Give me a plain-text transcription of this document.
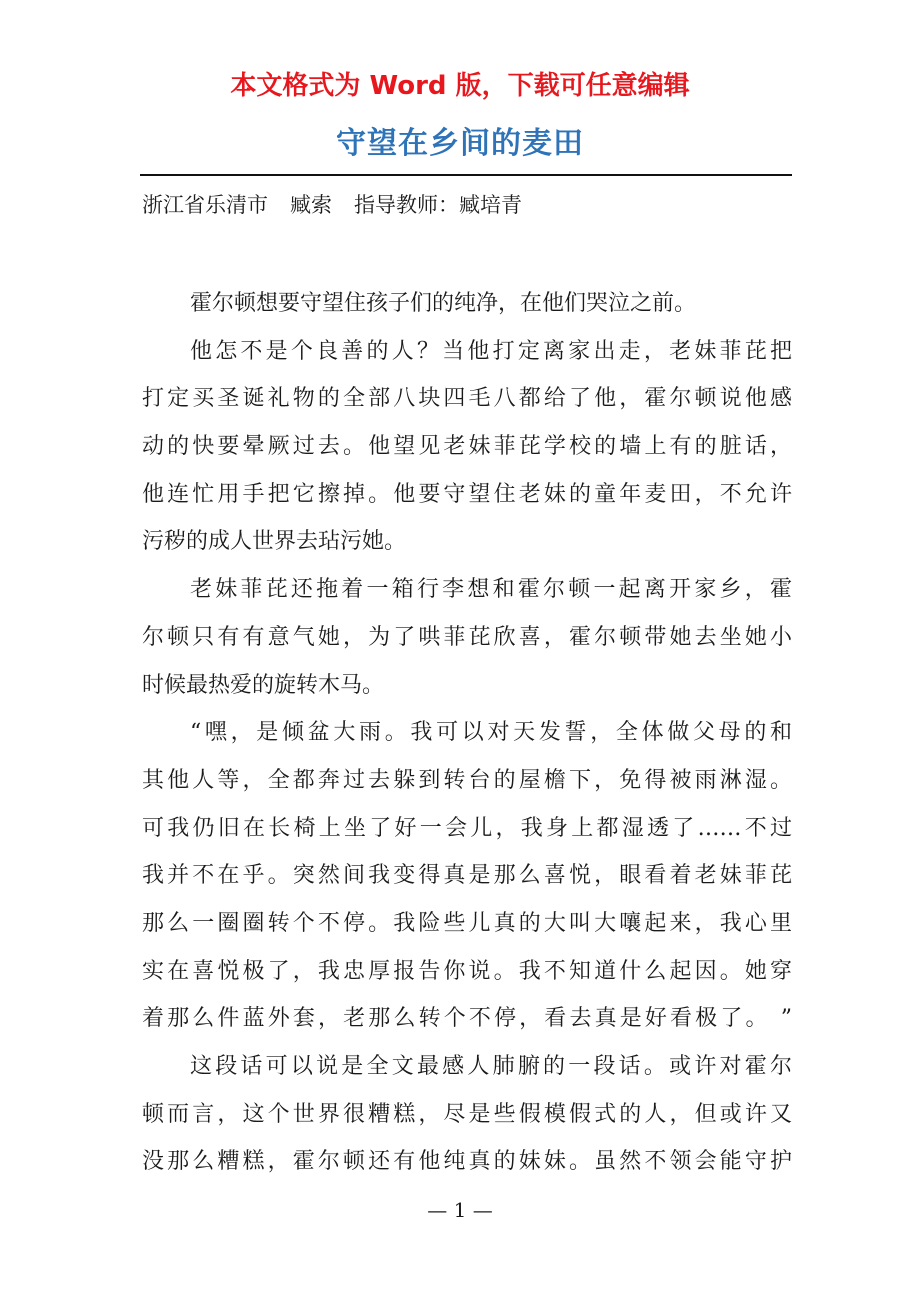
本文格式为 Word 版，下载可任意编辑
守望在乡间的麦田
浙江省乐清市 臧索 指导教师：臧培青
霍尔顿想要守望住孩子们的纯净，在他们哭泣之前。
他怎不是个良善的人？当他打定离家出走，老妹菲芘把
打定买圣诞礼物的全部八块四毛八都给了他，霍尔顿说他感
动的快要晕厥过去。他望见老妹菲芘学校的墙上有的脏话，
他连忙用手把它擦掉。他要守望住老妹的童年麦田，不允许
污秽的成人世界去玷污她。
老妹菲芘还拖着一箱行李想和霍尔顿一起离开家乡，霍
尔顿只有有意气她，为了哄菲芘欣喜，霍尔顿带她去坐她小
时候最热爱的旋转木马。
“嘿，是倾盆大雨。我可以对天发誓，全体做父母的和
其他人等，全都奔过去躲到转台的屋檐下，免得被雨淋湿。
可我仍旧在长椅上坐了好一会儿，我身上都湿透了……不过
我并不在乎。突然间我变得真是那么喜悦，眼看着老妹菲芘
那么一圈圈转个不停。我险些儿真的大叫大嚷起来，我心里
实在喜悦极了，我忠厚报告你说。我不知道什么起因。她穿
着那么件蓝外套，老那么转个不停，看去真是好看极了。 ”
这段话可以说是全文最感人肺腑的一段话。或许对霍尔
顿而言，这个世界很糟糕，尽是些假模假式的人，但或许又
没那么糟糕，霍尔顿还有他纯真的妹妹。虽然不领会能守护
— 1 —
